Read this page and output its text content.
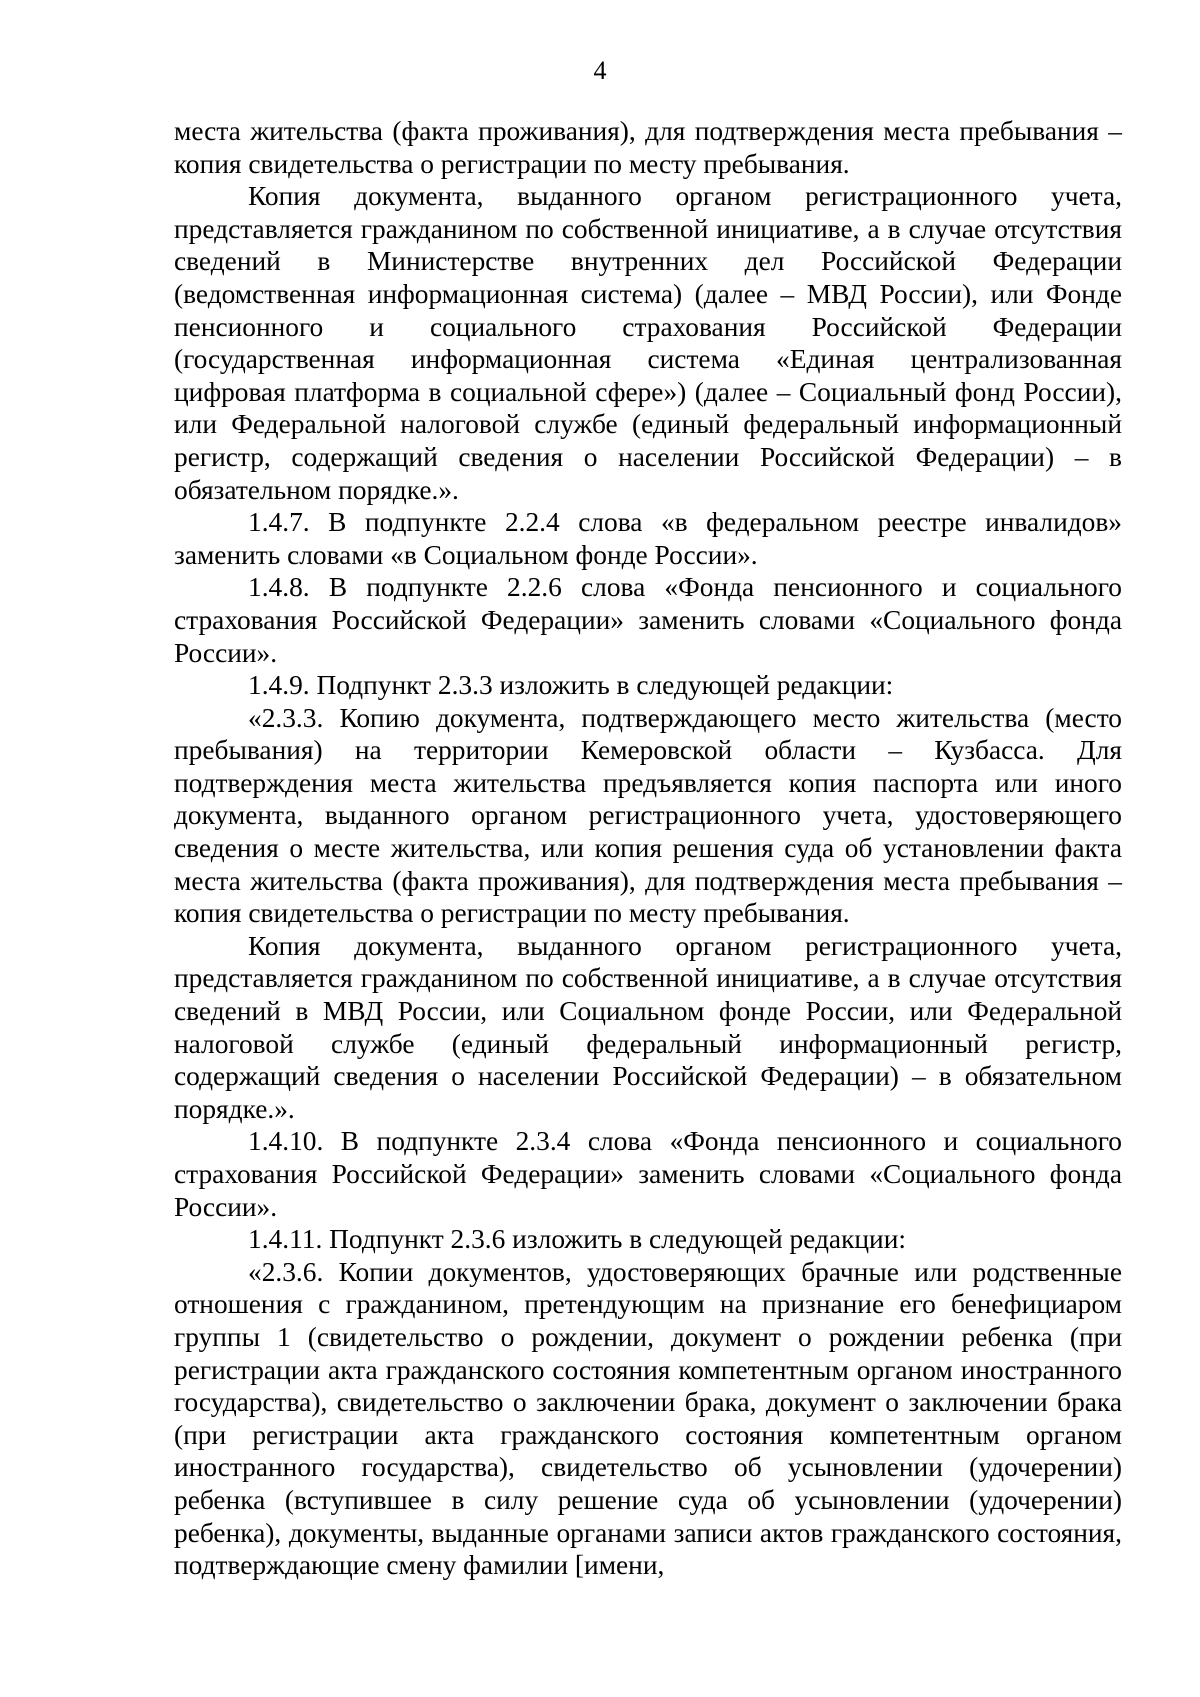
4

места жительства (факта проживания), для подтверждения места пребывания – копия свидетельства о регистрации по месту пребывания.

Копия документа, выданного органом регистрационного учета, представляется гражданином по собственной инициативе, а в случае отсутствия сведений в Министерстве внутренних дел Российской Федерации (ведомственная информационная система) (далее – МВД России), или Фонде пенсионного и социального страхования Российской Федерации (государственная информационная система «Единая централизованная цифровая платформа в социальной сфере») (далее – Социальный фонд России), или Федеральной налоговой службе (единый федеральный информационный регистр, содержащий сведения о населении Российской Федерации) – в обязательном порядке.».

1.4.7. В подпункте 2.2.4 слова «в федеральном реестре инвалидов» заменить словами «в Социальном фонде России».

1.4.8. В подпункте 2.2.6 слова «Фонда пенсионного и социального страхования Российской Федерации» заменить словами «Социального фонда России».

1.4.9. Подпункт 2.3.3 изложить в следующей редакции:

«2.3.3. Копию документа, подтверждающего место жительства (место пребывания) на территории Кемеровской области – Кузбасса. Для подтверждения места жительства предъявляется копия паспорта или иного документа, выданного органом регистрационного учета, удостоверяющего сведения о месте жительства, или копия решения суда об установлении факта места жительства (факта проживания), для подтверждения места пребывания – копия свидетельства о регистрации по месту пребывания.

Копия документа, выданного органом регистрационного учета, представляется гражданином по собственной инициативе, а в случае отсутствия сведений в МВД России, или Социальном фонде России, или Федеральной налоговой службе (единый федеральный информационный регистр, содержащий сведения о населении Российской Федерации) – в обязательном порядке.».

1.4.10. В подпункте 2.3.4 слова «Фонда пенсионного и социального страхования Российской Федерации» заменить словами «Социального фонда России».

1.4.11. Подпункт 2.3.6 изложить в следующей редакции:

«2.3.6. Копии документов, удостоверяющих брачные или родственные отношения с гражданином, претендующим на признание его бенефициаром группы 1 (свидетельство о рождении, документ о рождении ребенка (при регистрации акта гражданского состояния компетентным органом иностранного государства), свидетельство о заключении брака, документ о заключении брака (при регистрации акта гражданского состояния компетентным органом иностранного государства), свидетельство об усыновлении (удочерении) ребенка (вступившее в силу решение суда об усыновлении (удочерении) ребенка), документы, выданные органами записи актов гражданского состояния, подтверждающие смену фамилии [имени,
